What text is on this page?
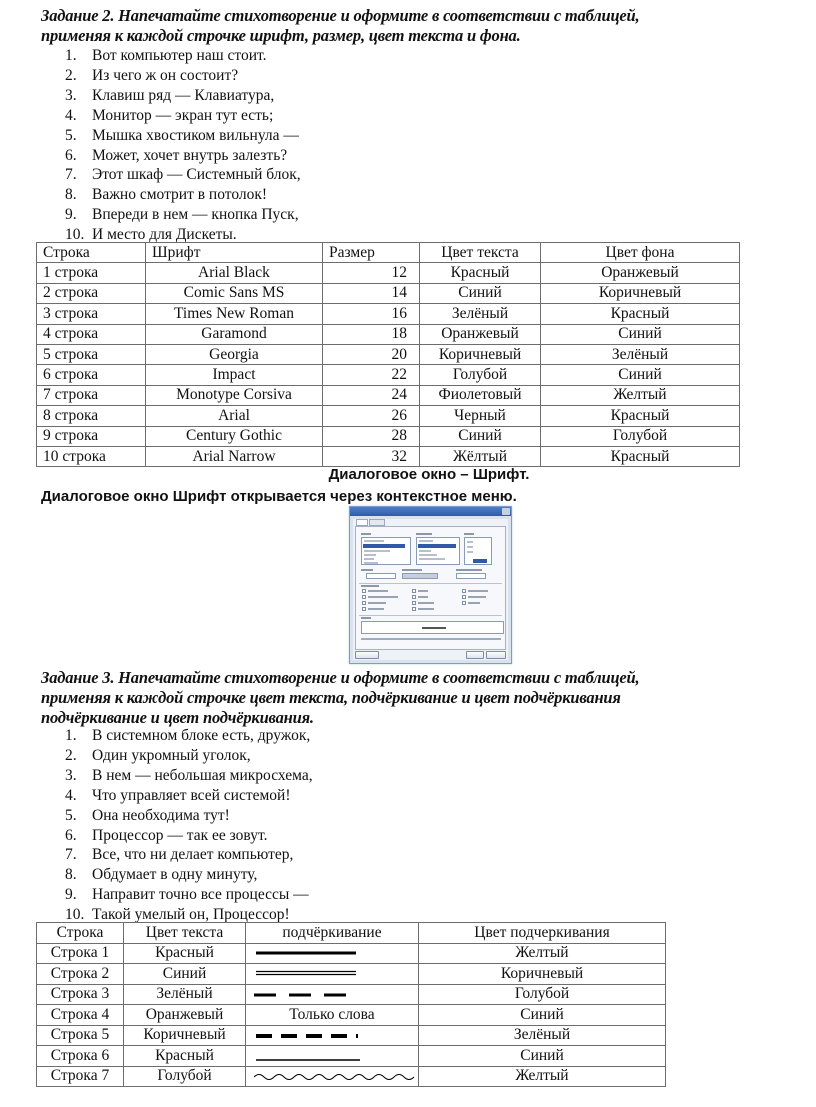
Задание 2. Напечатайте стихотворение и оформите в соответствии с таблицей,
применяя к каждой строчке шрифт, размер, цвет текста и фона.
1. Вот компьютер наш стоит.
2. Из чего ж он состоит?
3. Клавиш ряд — Клавиатура,
4. Монитор — экран тут есть;
5. Мышка хвостиком вильнула —
6. Может, хочет внутрь залезть?
7. Этот шкаф — Системный блок,
8. Важно смотрит в потолок!
9. Впереди в нем — кнопка Пуск,
10. И место для Дискеты.
Строка	Шрифт	Размер	Цвет текста	Цвет фона
1 строка	Arial Black	12	Красный	Оранжевый
2 строка	Comic Sans MS	14	Синий	Коричневый
3 строка	Times New Roman	16	Зелёный	Красный
4 строка	Garamond	18	Оранжевый	Синий
5 строка	Georgia	20	Коричневый	Зелёный
6 строка	Impact	22	Голубой	Синий
7 строка	Monotype Corsiva	24	Фиолетовый	Желтый
8 строка	Arial	26	Черный	Красный
9 строка	Century Gothic	28	Синий	Голубой
10 строка	Arial Narrow	32	Жёлтый	Красный
Диалоговое окно – Шрифт.
Диалоговое окно Шрифт открывается через контекстное меню.
Задание 3. Напечатайте стихотворение и оформите в соответствии с таблицей,
применяя к каждой строчке цвет текста, подчёркивание и цвет подчёркивания
подчёркивание и цвет подчёркивания.
1. В системном блоке есть, дружок,
2. Один укромный уголок,
3. В нем — небольшая микросхема,
4. Что управляет всей системой!
5. Она необходима тут!
6. Процессор — так ее зовут.
7. Все, что ни делает компьютер,
8. Обдумает в одну минуту,
9. Направит точно все процессы —
10. Такой умелый он, Процессор!
Строка	Цвет текста	подчёркивание	Цвет подчеркивания
Строка 1	Красный		Желтый
Строка 2	Синий		Коричневый
Строка 3	Зелёный		Голубой
Строка 4	Оранжевый	Только слова	Синий
Строка 5	Коричневый		Зелёный
Строка 6	Красный		Синий
Строка 7	Голубой		Желтый
